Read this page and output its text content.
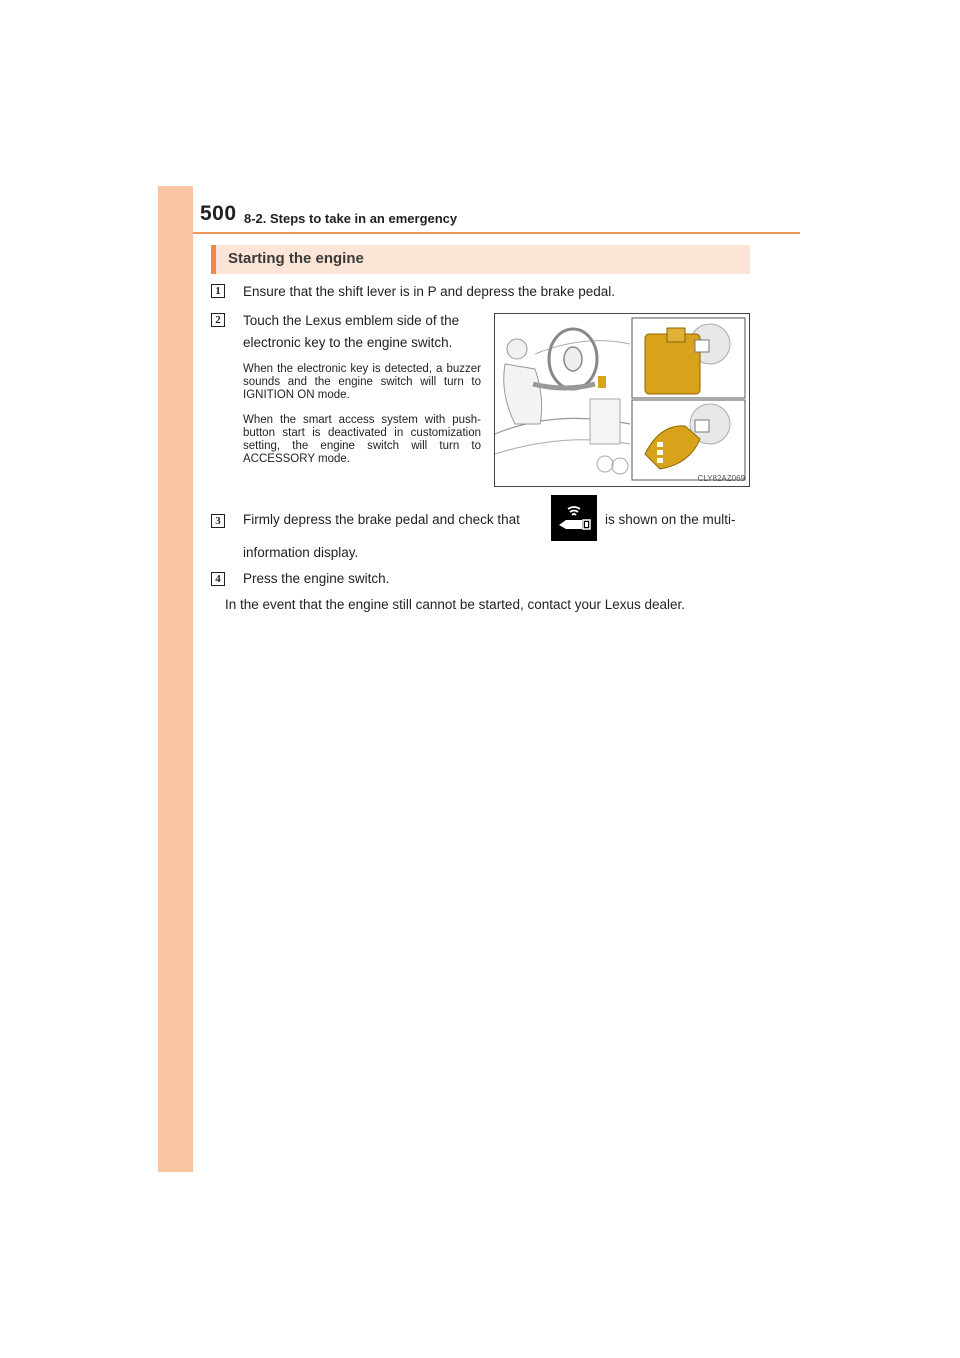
500 8-2. Steps to take in an emergency
Starting the engine
1	Ensure that the shift lever is in P and depress the brake pedal.
2	Touch the Lexus emblem side of the
electronic key to the engine switch.
When the electronic key is detected, a buzzer sounds and the engine switch will turn to IGNITION ON mode.
When the smart access system with push-button start is deactivated in customization setting, the engine switch will turn to ACCESSORY mode.
CLY82AZ069
3	Firmly depress the brake pedal and check that	is shown on the multi-
information display.
4	Press the engine switch.
In the event that the engine still cannot be started, contact your Lexus dealer.
